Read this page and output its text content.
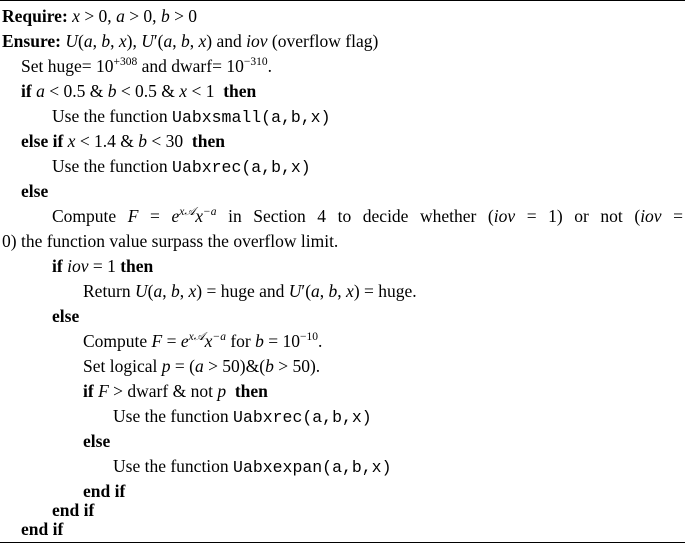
Require: x > 0, a > 0, b > 0
Ensure: U(a, b, x), U′(a, b, x) and iov (overflow flag)
Set huge= $10^{+308}$ and dwarf= $10^{-310}$.
if a < 0.5 & b < 0.5 & x < 1  then
Use the function Uabxsmall(a,b,x)
else if x < 1.4 & b < 30  then
Use the function Uabxrec(a,b,x)
else
Compute $F = e^{x𝒜}x^{-a}$ in Section 4 to decide whether (iov = 1) or not (iov =
0) the function value surpass the overflow limit.
if iov = 1 then
Return U(a, b, x) = huge and U′(a, b, x) = huge.
else
Compute $F = e^{x𝒜}x^{-a}$ for $b = 10^{-10}$.
Set logical p = (a > 50)&(b > 50).
if F > dwarf & not p then
Use the function Uabxrec(a,b,x)
else
Use the function Uabxexpan(a,b,x)
end if
end if
end if
